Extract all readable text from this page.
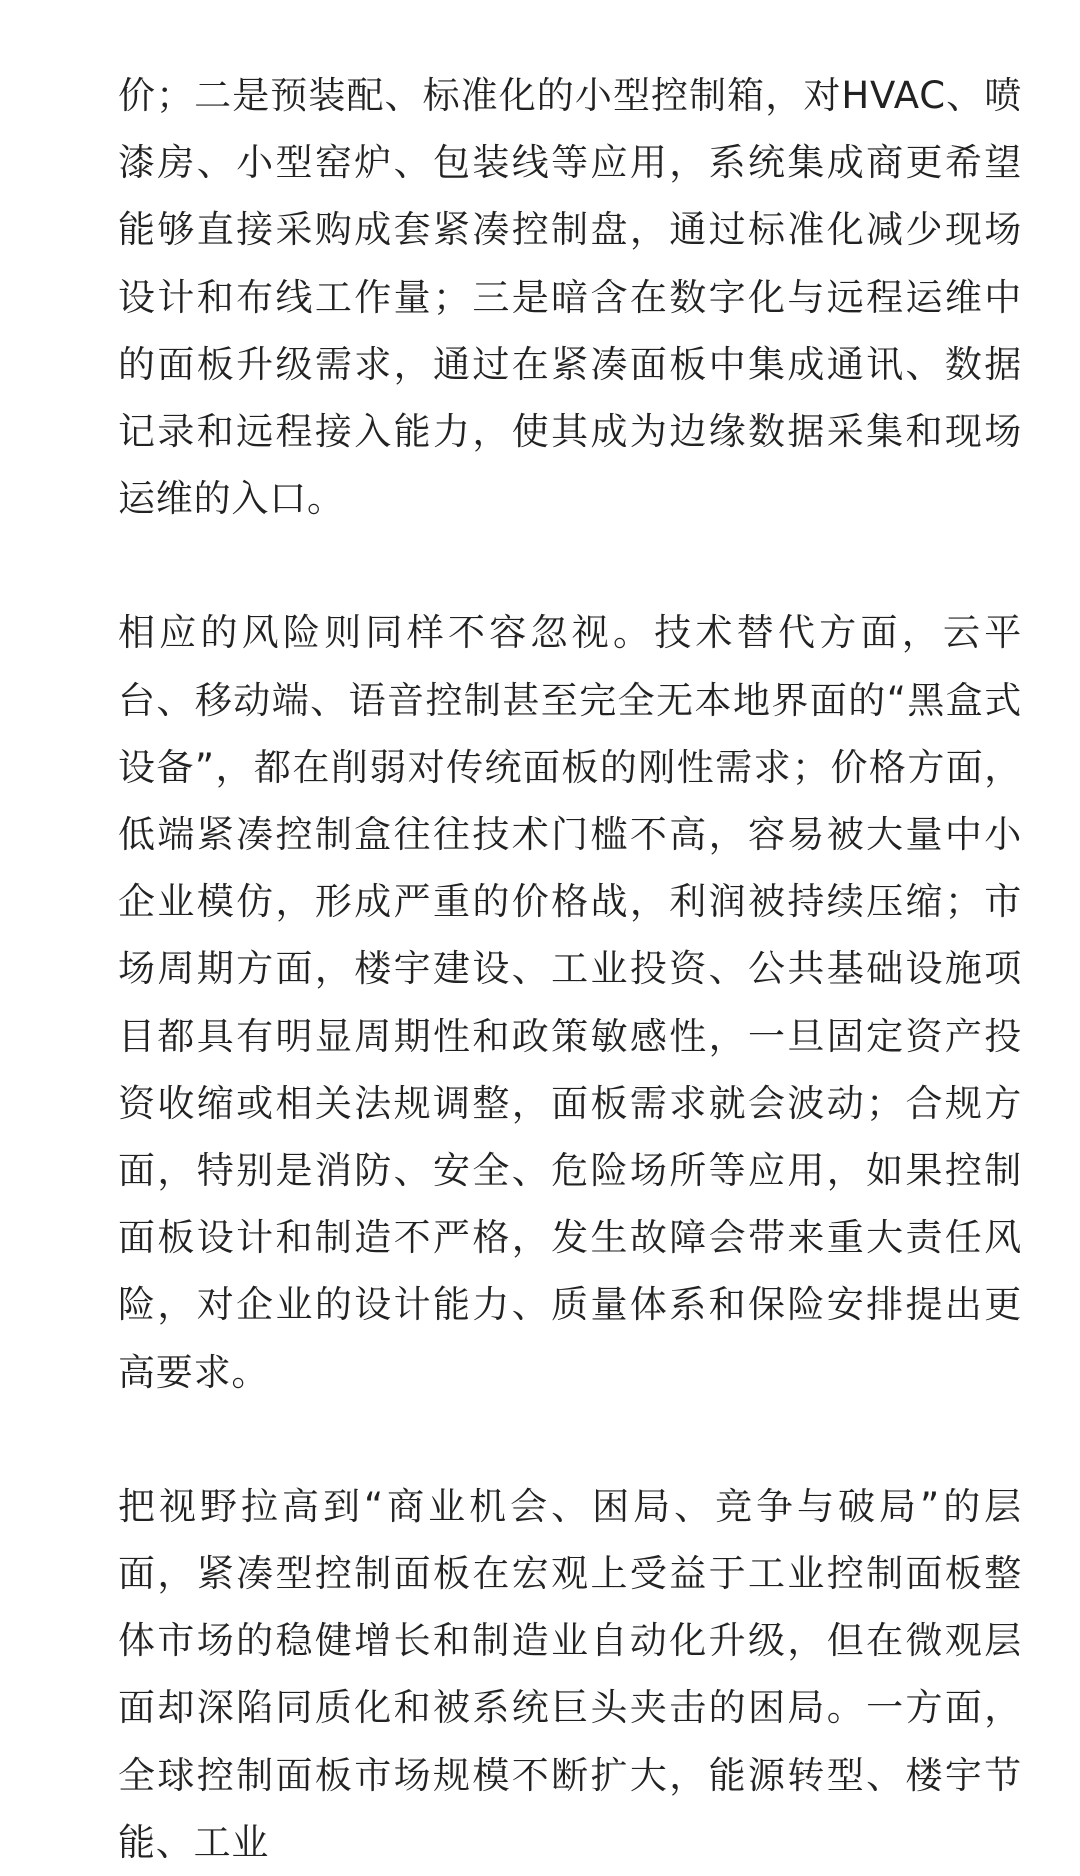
价；二是预装配、标准化的小型控制箱，对HVAC、喷漆房、小型窑炉、包装线等应用，系统集成商更希望能够直接采购成套紧凑控制盘，通过标准化减少现场设计和布线工作量；三是暗含在数字化与远程运维中的面板升级需求，通过在紧凑面板中集成通讯、数据记录和远程接入能力，使其成为边缘数据采集和现场运维的入口。

相应的风险则同样不容忽视。技术替代方面，云平台、移动端、语音控制甚至完全无本地界面的“黑盒式设备”，都在削弱对传统面板的刚性需求；价格方面，低端紧凑控制盒往往技术门槛不高，容易被大量中小企业模仿，形成严重的价格战，利润被持续压缩；市场周期方面，楼宇建设、工业投资、公共基础设施项目都具有明显周期性和政策敏感性，一旦固定资产投资收缩或相关法规调整，面板需求就会波动；合规方面，特别是消防、安全、危险场所等应用，如果控制面板设计和制造不严格，发生故障会带来重大责任风险，对企业的设计能力、质量体系和保险安排提出更高要求。

把视野拉高到“商业机会、困局、竞争与破局”的层面，紧凑型控制面板在宏观上受益于工业控制面板整体市场的稳健增长和制造业自动化升级，但在微观层面却深陷同质化和被系统巨头夹击的困局。一方面，全球控制面板市场规模不断扩大，能源转型、楼宇节能、工业
